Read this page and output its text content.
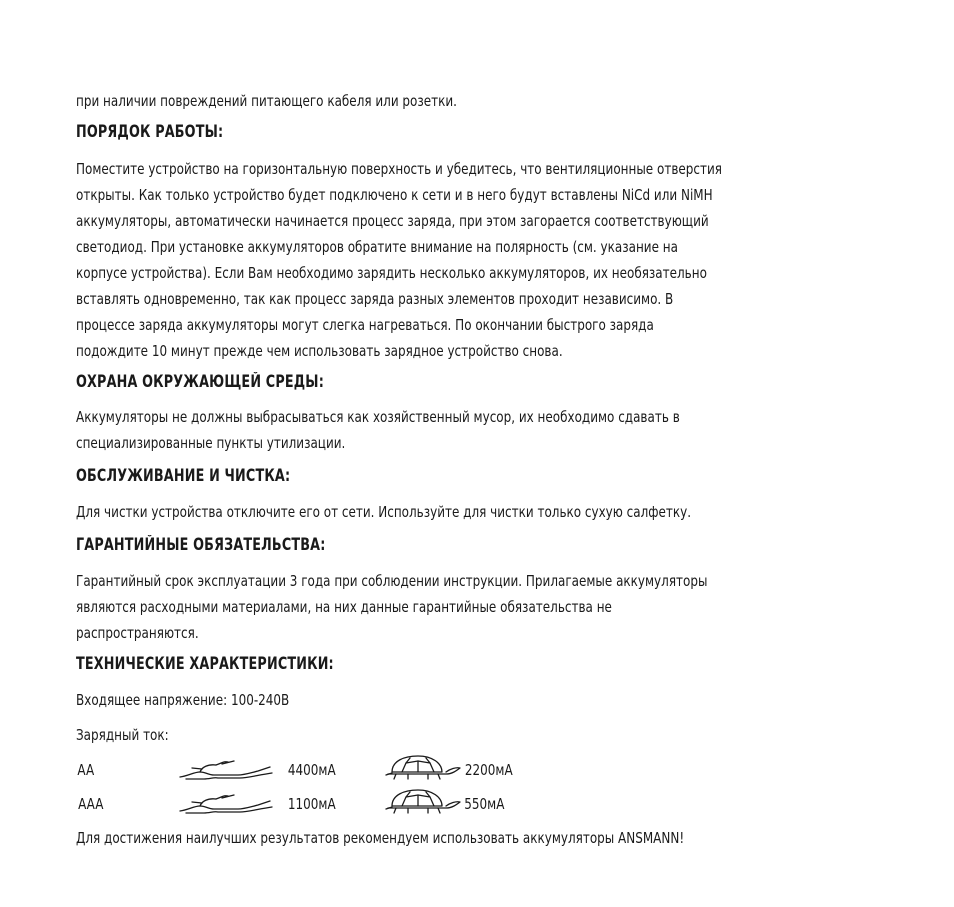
при наличии повреждений питающего кабеля или розетки.

ПОРЯДОК РАБОТЫ:
Поместите устройство на горизонтальную поверхность и убедитесь, что вентиляционные отверстия
открыты. Как только устройство будет подключено к сети и в него будут вставлены NiCd или NiMH
аккумуляторы, автоматически начинается процесс заряда, при этом загорается соответствующий
светодиод. При установке аккумуляторов обратите внимание на полярность (см. указание на
корпусе устройства). Если Вам необходимо зарядить несколько аккумуляторов, их необязательно
вставлять одновременно, так как процесс заряда разных элементов проходит независимо. В
процессе заряда аккумуляторы могут слегка нагреваться. По окончании быстрого заряда
подождите 10 минут прежде чем использовать зарядное устройство снова.
ОХРАНА ОКРУЖАЮЩЕЙ СРЕДЫ:
Аккумуляторы не должны выбрасываться как хозяйственный мусор, их необходимо сдавать в
специализированные пункты утилизации.
ОБСЛУЖИВАНИЕ И ЧИСТКА:
Для чистки устройства отключите его от сети. Используйте для чистки только сухую салфетку.
ГАРАНТИЙНЫЕ ОБЯЗАТЕЛЬСТВА:
Гарантийный срок эксплуатации 3 года при соблюдении инструкции. Прилагаемые аккумуляторы
являются расходными материалами, на них данные гарантийные обязательства не
распространяются.
ТЕХНИЧЕСКИЕ ХАРАКТЕРИСТИКИ:

Входящее напряжение: 100-240В

Зарядный ток:

AA	4400мА	2200мА
AAA	1100мА	550мА

Для достижения наилучших результатов рекомендуем использовать аккумуляторы ANSMANN!
